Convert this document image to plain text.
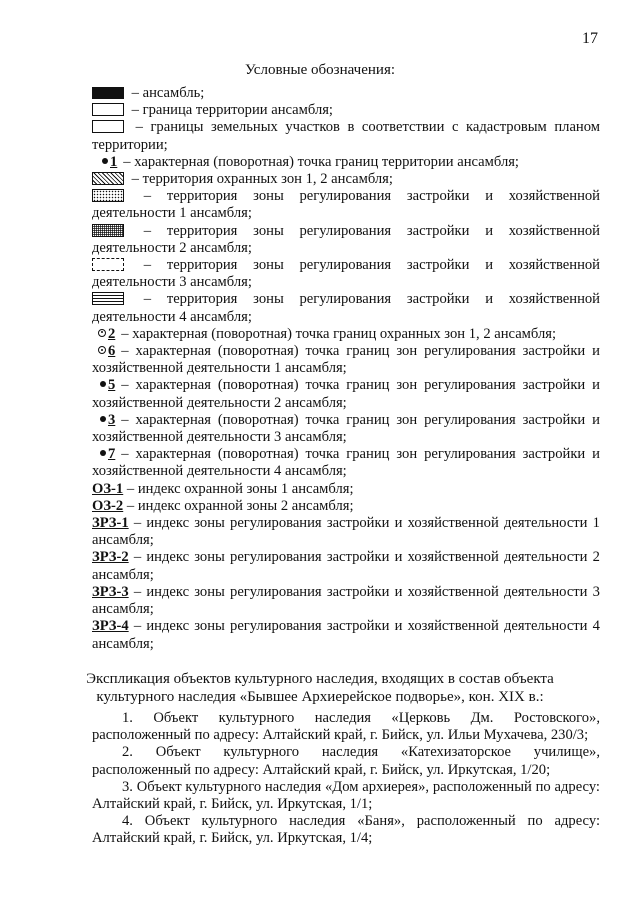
17
Условные обозначения:

– ансамбль;

– граница территории ансамбля;

– границы земельных участков в соответствии с кадастровым планом территории;

1 – характерная (поворотная) точка границ территории ансамбля;

– территория охранных зон 1, 2 ансамбля;

– территория зоны регулирования застройки и хозяйственной деятельности 1 ансамбля;

– территория зоны регулирования застройки и хозяйственной деятельности 2 ансамбля;

– территория зоны регулирования застройки и хозяйственной деятельности 3 ансамбля;

– территория зоны регулирования застройки и хозяйственной деятельности 4 ансамбля;

2 – характерная (поворотная) точка границ охранных зон 1, 2 ансамбля;

6 – характерная (поворотная) точка границ зон регулирования застройки и хозяйственной деятельности 1 ансамбля;

5 – характерная (поворотная) точка границ зон регулирования застройки и хозяйственной деятельности 2 ансамбля;

3 – характерная (поворотная) точка границ зон регулирования застройки и хозяйственной деятельности 3 ансамбля;

7 – характерная (поворотная) точка границ зон регулирования застройки и хозяйственной деятельности 4 ансамбля;

ОЗ-1 – индекс охранной зоны 1 ансамбля;

ОЗ-2 – индекс охранной зоны 2 ансамбля;

ЗРЗ-1 – индекс зоны регулирования застройки и хозяйственной деятельности 1 ансамбля;

ЗРЗ-2 – индекс зоны регулирования застройки и хозяйственной деятельности 2 ансамбля;

ЗРЗ-3 – индекс зоны регулирования застройки и хозяйственной деятельности 3 ансамбля;

ЗРЗ-4 – индекс зоны регулирования застройки и хозяйственной деятельности 4 ансамбля;

Экспликация объектов культурного наследия, входящих в состав объекта
культурного наследия «Бывшее Архиерейское подворье», кон. XIX в.:

1. Объект культурного наследия «Церковь Дм. Ростовского», расположенный по адресу: Алтайский край, г. Бийск, ул. Ильи Мухачева, 230/3;

2. Объект культурного наследия «Катехизаторское училище», расположенный по адресу: Алтайский край, г. Бийск, ул. Иркутская, 1/20;

3. Объект культурного наследия «Дом архиерея», расположенный по адресу: Алтайский край, г. Бийск, ул. Иркутская, 1/1;

4. Объект культурного наследия «Баня», расположенный по адресу: Алтайский край, г. Бийск, ул. Иркутская, 1/4;
